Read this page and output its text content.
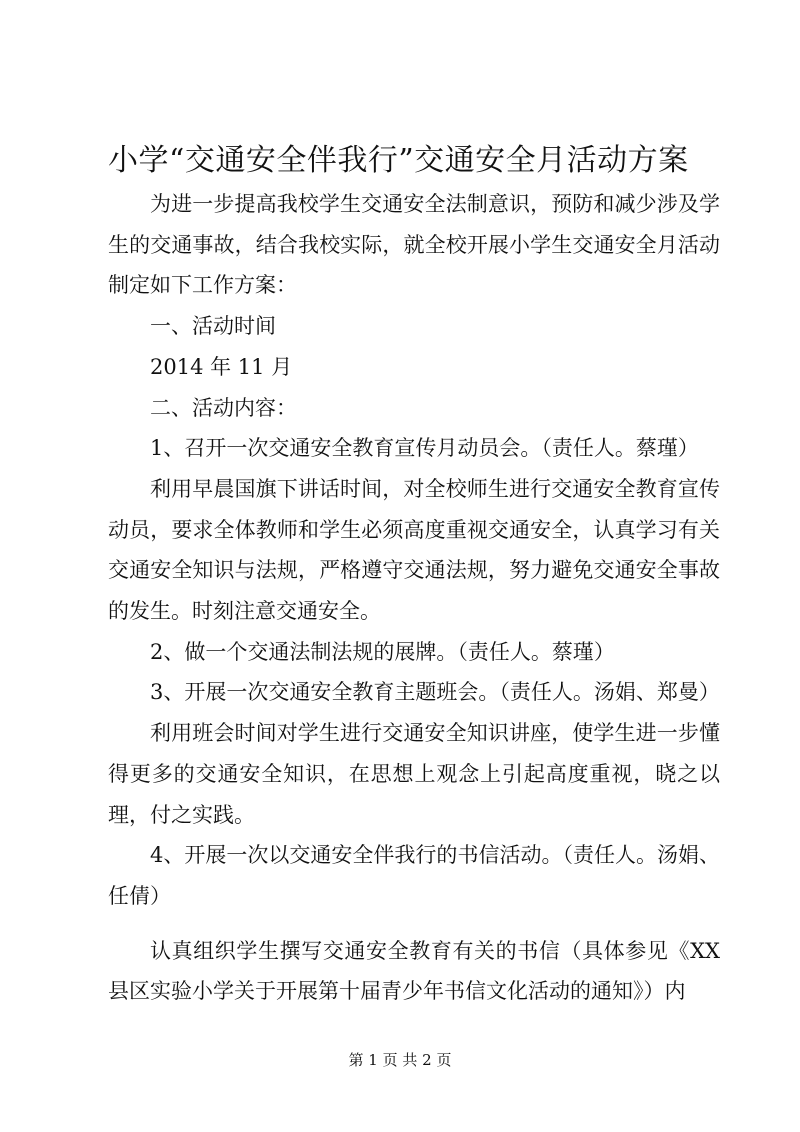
小学“交通安全伴我行”交通安全月活动方案

为进一步提高我校学生交通安全法制意识，预防和减少涉及学生的交通事故，结合我校实际，就全校开展小学生交通安全月活动制定如下工作方案：

一、活动时间

2014 年 11 月

二、活动内容：

1、召开一次交通安全教育宣传月动员会。（责任人。蔡瑾）

利用早晨国旗下讲话时间，对全校师生进行交通安全教育宣传动员，要求全体教师和学生必须高度重视交通安全，认真学习有关交通安全知识与法规，严格遵守交通法规，努力避免交通安全事故的发生。时刻注意交通安全。

2、做一个交通法制法规的展牌。（责任人。蔡瑾）

3、开展一次交通安全教育主题班会。（责任人。汤娟、郑曼）

利用班会时间对学生进行交通安全知识讲座，使学生进一步懂得更多的交通安全知识，在思想上观念上引起高度重视，晓之以理，付之实践。

4、开展一次以交通安全伴我行的书信活动。（责任人。汤娟、任倩）

认真组织学生撰写交通安全教育有关的书信（具体参见《XX 县区实验小学关于开展第十届青少年书信文化活动的通知》）内

第 1 页 共 2 页
